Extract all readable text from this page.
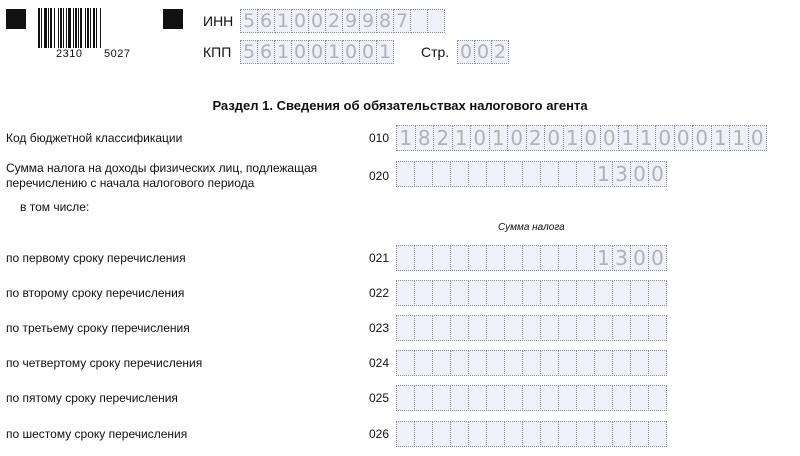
2310 5027
ИНН 5 6 1 0 0 2 9 9 8 7
КПП 5 6 1 0 0 1 0 0 1 Стр. 0 0 2
Раздел 1. Сведения об обязательствах налогового агента
Код бюджетной классификации	010 1 8 2 1 0 1 0 2 0 1 0 0 1 1 0 0 0 1 1 0
Сумма налога на доходы физических лиц, подлежащая
перечислению с начала налогового периода	020	1 3 0 0
в том числе:
Сумма налога
по первому сроку перечисления	021	1 3 0 0
по второму сроку перечисления	022
по третьему сроку перечисления	023
по четвертому сроку перечисления	024
по пятому сроку перечисления	025
по шестому сроку перечисления	026
